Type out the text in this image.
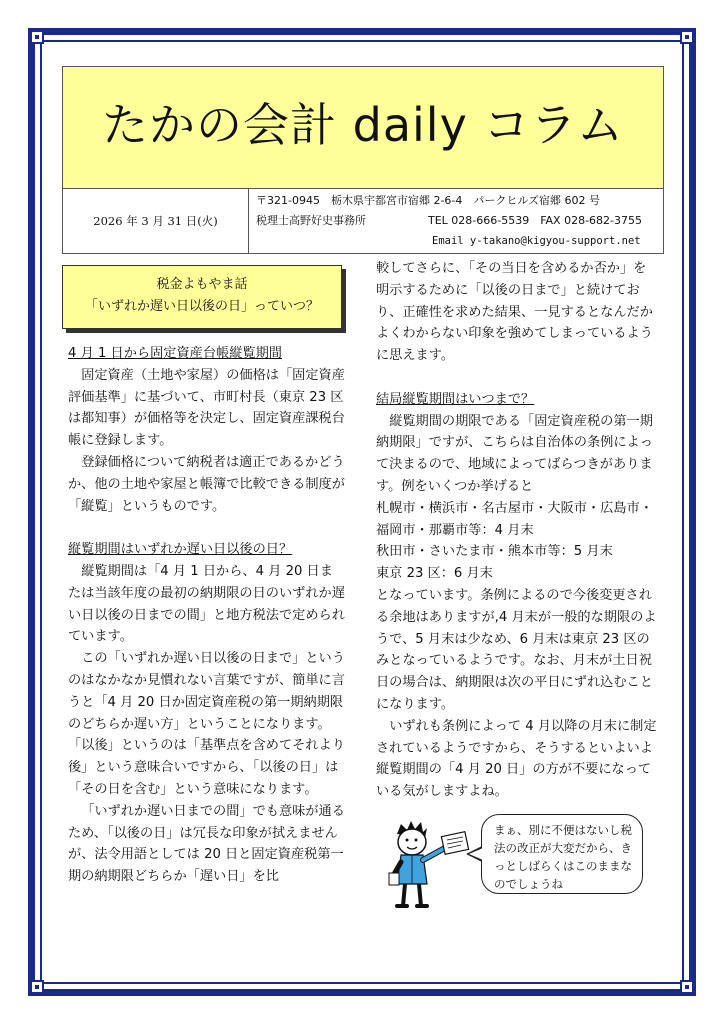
たかの会計 daily コラム
2026 年 3 月 31 日(火)
〒321-0945　栃木県宇都宮市宿郷 2-6-4　パークヒルズ宿郷 602 号
税理士高野好史事務所	TEL 028-666-5539　FAX 028-682-3755
Email y-takano@kigyou-support.net
税金よもやま話
「いずれか遅い日以後の日」っていつ？

4 月 1 日から固定資産台帳縦覧期間

固定資産（土地や家屋）の価格は「固定資産評価基準」に基づいて、市町村長（東京 23 区は都知事）が価格等を決定し、固定資産課税台帳に登録します。

登録価格について納税者は適正であるかどうか、他の土地や家屋と帳簿で比較できる制度が「縦覧」というものです。

縦覧期間はいずれか遅い日以後の日？

縦覧期間は「4 月 1 日から、4 月 20 日または当該年度の最初の納期限の日のいずれか遅い日以後の日までの間」と地方税法で定められています。

この「いずれか遅い日以後の日まで」というのはなかなか見慣れない言葉ですが、簡単に言うと「4 月 20 日か固定資産税の第一期納期限のどちらか遅い方」ということになります。「以後」というのは「基準点を含めてそれより後」という意味合いですから、「以後の日」は「その日を含む」という意味になります。

「いずれか遅い日までの間」でも意味が通るため、「以後の日」は冗長な印象が拭えませんが、法令用語としては 20 日と固定資産税第一期の納期限どちらか「遅い日」を比

較してさらに、「その当日を含めるか否か」を明示するために「以後の日まで」と続けており、正確性を求めた結果、一見するとなんだかよくわからない印象を強めてしまっているように思えます。

結局縦覧期間はいつまで？

縦覧期間の期限である「固定資産税の第一期納期限」ですが、こちらは自治体の条例によって決まるので、地域によってばらつきがあります。例をいくつか挙げると

札幌市・横浜市・名古屋市・大阪市・広島市・福岡市・那覇市等：4 月末

秋田市・さいたま市・熊本市等：5 月末

東京 23 区：6 月末

となっています。条例によるので今後変更される余地はありますが,4 月末が一般的な期限のようで、5 月末は少なめ、6 月末は東京 23 区のみとなっているようです。なお、月末が土日祝日の場合は、納期限は次の平日にずれ込むことになります。

いずれも条例によって 4 月以降の月末に制定されているようですから、そうするといよいよ縦覧期間の「4 月 20 日」の方が不要になっている気がしますよね。

まぁ、別に不便はないし税法の改正が大変だから、きっとしばらくはこのままなのでしょうね
